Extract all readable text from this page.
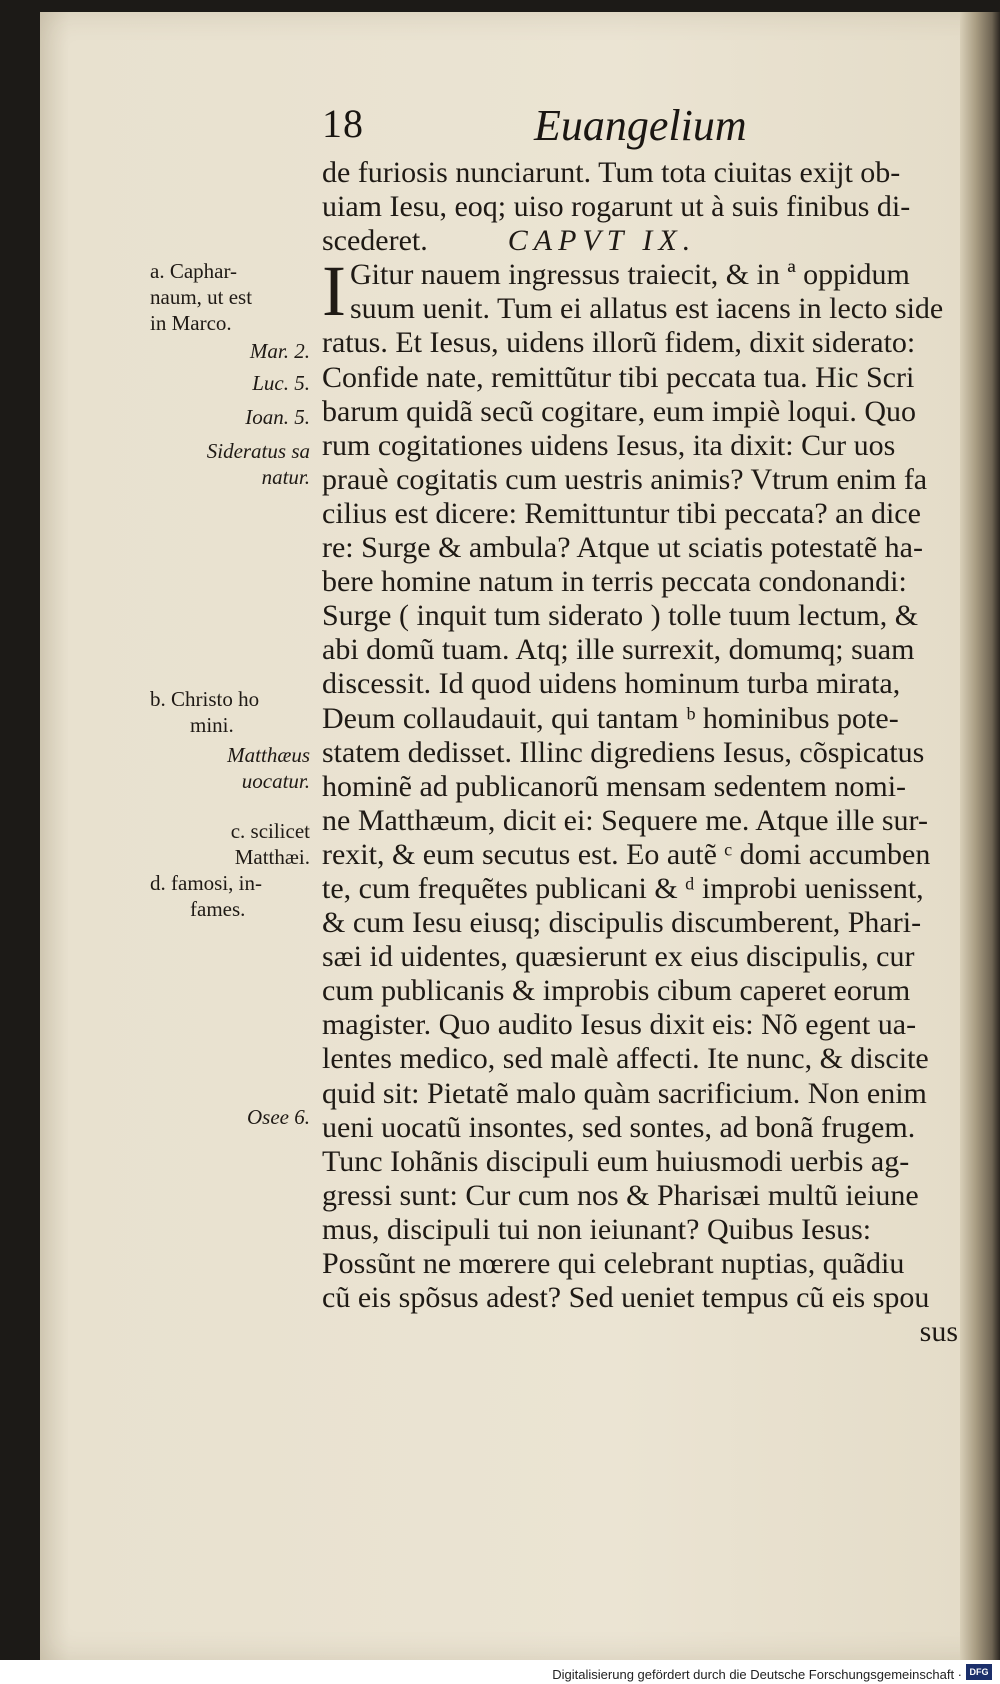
18	Euangelium
de furiosis nunciarunt. Tum tota ciuitas exijt ob-
uiam Iesu, eoq; uiso rogarunt ut à suis finibus di-
scederet.	CAPVT IX.
I Gitur nauem ingressus traiecit, & in ª oppidum
suum uenit. Tum ei allatus est iacens in lecto side
ratus. Et Iesus, uidens illorũ fidem, dixit siderato:
Confide nate, remittũtur tibi peccata tua. Hic Scri
barum quidã secũ cogitare, eum impiè loqui. Quo
rum cogitationes uidens Iesus, ita dixit: Cur uos
prauè cogitatis cum uestris animis? Vtrum enim fa
cilius est dicere: Remittuntur tibi peccata? an dice
re: Surge & ambula? Atque ut sciatis potestatẽ ha-
bere homine natum in terris peccata condonandi:
Surge ( inquit tum siderato ) tolle tuum lectum, &
abi domũ tuam. Atq; ille surrexit, domumq; suam
discessit. Id quod uidens hominum turba mirata,
Deum collaudauit, qui tantam ᵇ hominibus pote-
statem dedisset. Illinc digrediens Iesus, cõspicatus
hominẽ ad publicanorũ mensam sedentem nomi-
ne Matthæum, dicit ei: Sequere me. Atque ille sur-
rexit, & eum secutus est. Eo autẽ ᶜ domi accumben
te, cum frequẽtes publicani & ᵈ improbi uenissent,
& cum Iesu eiusq; discipulis discumberent, Phari-
sæi id uidentes, quæsierunt ex eius discipulis, cur
cum publicanis & improbis cibum caperet eorum
magister. Quo audito Iesus dixit eis: Nõ egent ua-
lentes medico, sed malè affecti. Ite nunc, & discite
quid sit: Pietatẽ malo quàm sacrificium. Non enim
ueni uocatũ insontes, sed sontes, ad bonã frugem.
Tunc Iohãnis discipuli eum huiusmodi uerbis ag-
gressi sunt: Cur cum nos & Pharisæi multũ ieiune
mus, discipuli tui non ieiunant? Quibus Iesus:
Possũnt ne mœrere qui celebrant nuptias, quãdiu
cũ eis spõsus adest? Sed ueniet tempus cũ eis spou
sus
a. Caphar-
naum, ut est
in Marco.
Mar. 2.
Luc. 5.
Ioan. 5.
Sideratus sa
natur.
b. Christo ho
mini.
Matthæus
uocatur.
c. scilicet
Matthæi.
d. famosi, in-
fames.
Osee 6.
Digitalisierung gefördert durch die Deutsche Forschungsgemeinschaft · DFG
